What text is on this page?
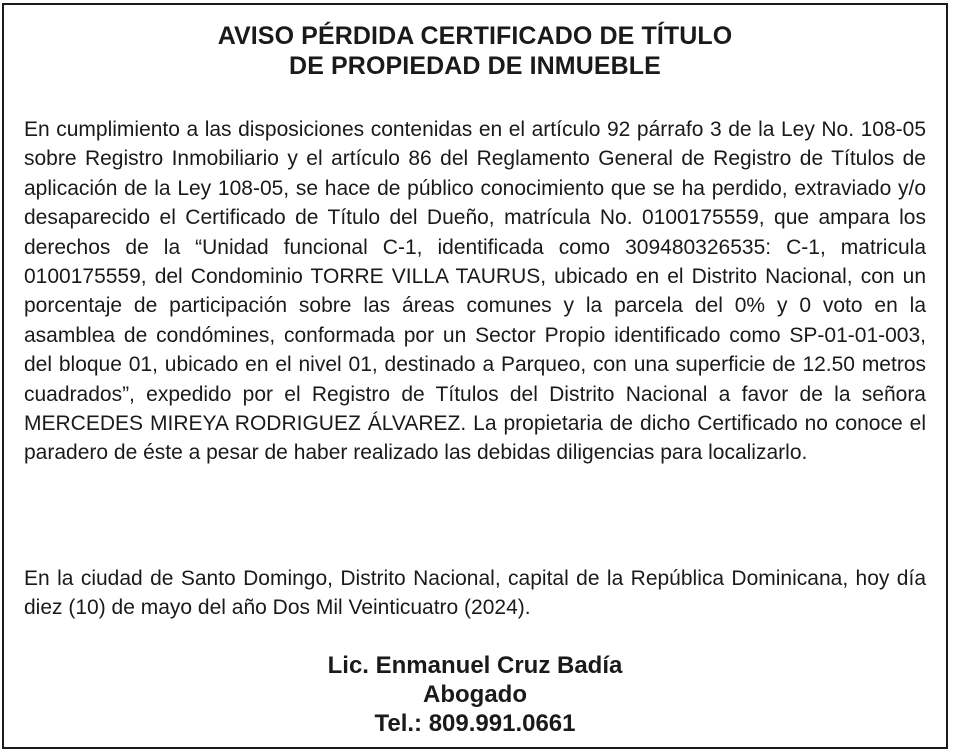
AVISO PÉRDIDA CERTIFICADO DE TÍTULO
DE PROPIEDAD DE INMUEBLE

En cumplimiento a las disposiciones contenidas en el artículo 92 párrafo 3 de la Ley No. 108-05 sobre Registro Inmobiliario y el artículo 86 del Reglamento General de Registro de Títulos de aplicación de la Ley 108-05, se hace de público conocimiento que se ha perdido, extraviado y/o desaparecido el Certificado de Título del Dueño, matrícula No. 0100175559, que ampara los derechos de la “Unidad funcional C-1, identificada como 309480326535: C-1, matricula 0100175559, del Condominio TORRE VILLA TAURUS, ubicado en el Distrito Nacional, con un porcentaje de participación sobre las áreas comunes y la parcela del 0% y 0 voto en la asamblea de condómines, conformada por un Sector Propio identificado como SP-01-01-003, del bloque 01, ubicado en el nivel 01, destinado a Parqueo, con una superficie de 12.50 metros cuadrados”, expedido por el Registro de Títulos del Distrito Nacional a favor de la señora MERCEDES MIREYA RODRIGUEZ ÁLVAREZ. La propietaria de dicho Certificado no conoce el paradero de éste a pesar de haber realizado las debidas diligencias para localizarlo.

En la ciudad de Santo Domingo, Distrito Nacional, capital de la República Dominicana, hoy día diez (10) de mayo del año Dos Mil Veinticuatro (2024).

Lic. Enmanuel Cruz Badía
Abogado
Tel.: 809.991.0661
